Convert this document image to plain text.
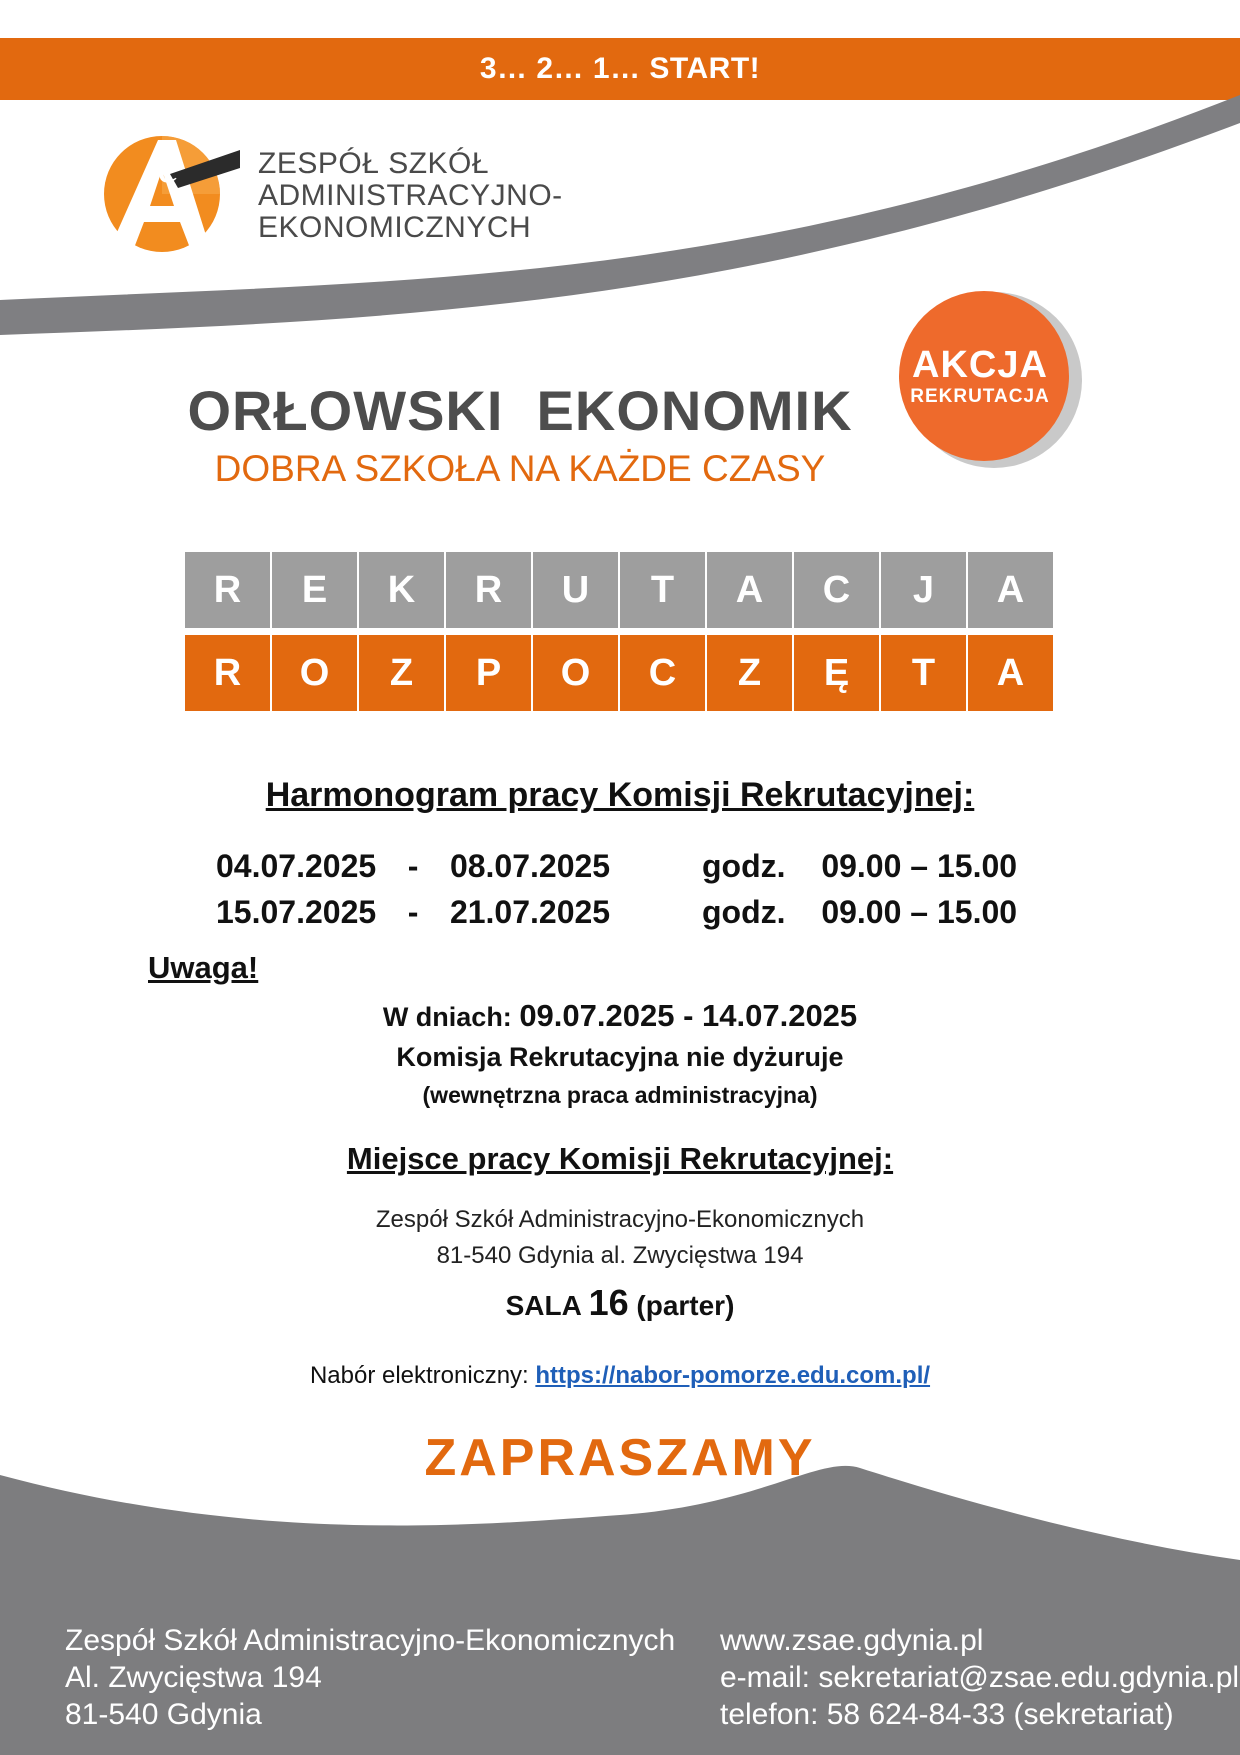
3… 2… 1… START!
e	ZESPÓŁ SZKÓŁ
ADMINISTRACYJNO-
EKONOMICZNYCH
ORŁOWSKI  EKONOMIK
DOBRA SZKOŁA NA KAŻDE CZASY
AKCJA
REKRUTACJA
R	E	K	R	U	T	A	C	J	A
R	O	Z	P	O	C	Z	Ę	T	A
Harmonogram pracy Komisji Rekrutacyjnej:
04.07.2025 - 08.07.2025	godz. 09.00 – 15.00
15.07.2025 - 21.07.2025	godz. 09.00 – 15.00
Uwaga!
W dniach: 09.07.2025 - 14.07.2025
Komisja Rekrutacyjna nie dyżuruje
(wewnętrzna praca administracyjna)
Miejsce pracy Komisji Rekrutacyjnej:
Zespół Szkół Administracyjno-Ekonomicznych
81-540 Gdynia al. Zwycięstwa 194
SALA 16 (parter)
Nabór elektroniczny: https://nabor-pomorze.edu.com.pl/
ZAPRASZAMY
Zespół Szkół Administracyjno-Ekonomicznych
Al. Zwycięstwa 194
81-540 Gdynia
www.zsae.gdynia.pl
e-mail: sekretariat@zsae.edu.gdynia.pl
telefon: 58 624-84-33 (sekretariat)
